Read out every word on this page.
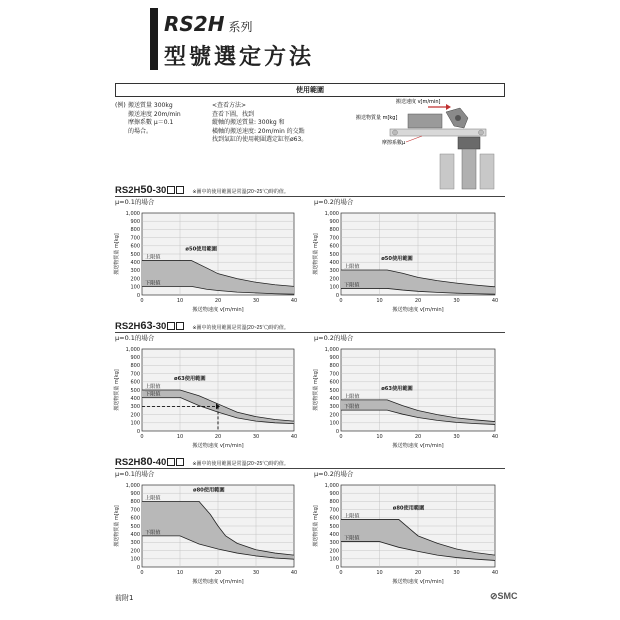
RS2H 系列
型號選定方法
使用範圍
(例) 搬送質量 300kg
搬送速度 20m/min
摩擦系數 μ＝0.1
的場合。
<查看方法>
查看下圖，找到
縱軸的搬送質量: 300kg 和
橫軸的搬送速度: 20m/min 的交點
找到氣缸的使用範圍選定缸徑ø63。
搬送速度 v[m/min]
搬送物質量 m[kg]
摩擦系數μ
RS2H50-30	※圖中的使用範圍是常溫(20~25℃)時的值。
RS2H63-30	※圖中的使用範圍是常溫(20~25℃)時的值。
RS2H80-40	※圖中的使用範圍是常溫(20~25℃)時的值。
μ=0.1的場合	μ=0.2的場合
μ=0.1的場合	μ=0.2的場合
μ=0.1的場合	μ=0.2的場合
0
100
200
300
400
500
600
700
800
900
1,000
0	10	20	30	40
上限值
下限值
ø50使用範圍
搬送物速度 v[m/min]
搬送物質量 m[kg]
0
100
200
300
400
500
600
700
800
900
1,000
0	10	20	30	40
上限值
下限值
ø50使用範圍
搬送物速度 v[m/min]
搬送物質量 m[kg]
0
100
200
300
400
500
600
700
800
900
1,000
0	10	20	30	40
上限值
下限值
ø63使用範圍
搬送物速度 v[m/min]
搬送物質量 m[kg]
0
100
200
300
400
500
600
700
800
900
1,000
0	10	20	30	40
上限值
下限值
ø63使用範圍
搬送物速度 v[m/min]
搬送物質量 m[kg]
0
100
200
300
400
500
600
700
800
900
1,000
0	10	20	30	40
上限值
下限值
ø80使用範圍
搬送物速度 v[m/min]
搬送物質量 m[kg]
0
100
200
300
400
500
600
700
800
900
1,000
0	10	20	30	40
上限值
下限值
ø80使用範圍
搬送物速度 v[m/min]
搬送物質量 m[kg]
前附1	⊘SMC
